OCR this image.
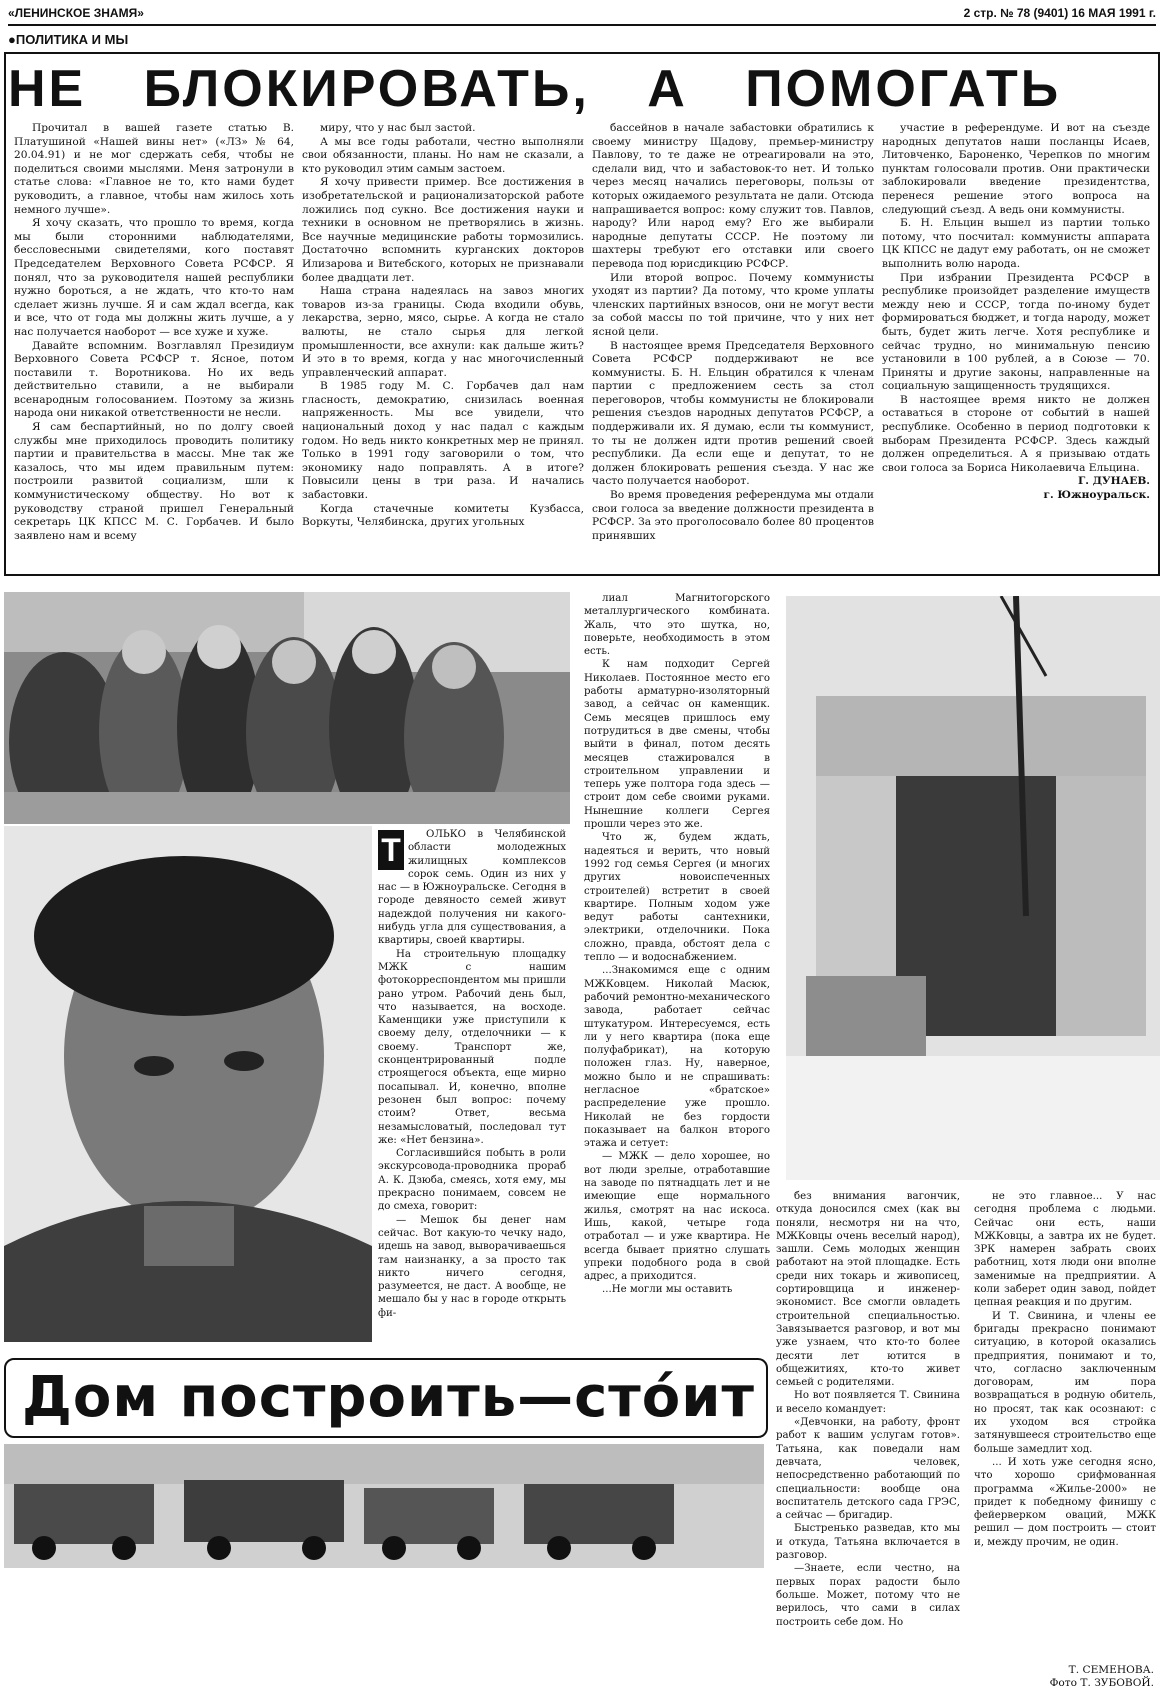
«ЛЕНИНСКОЕ ЗНАМЯ»	2 стр. № 78 (9401) 16 МАЯ 1991 г.
●ПОЛИТИКА И МЫ
НЕ БЛОКИРОВАТЬ, А ПОМОГАТЬ

Прочитал в вашей газете статью В. Платушиной «Нашей вины нет» («ЛЗ» № 64, 20.04.91) и не мог сдержать себя, чтобы не поделиться своими мыслями. Меня затронули в статье слова: «Главное не то, кто нами будет руководить, а главное, чтобы нам жилось хоть немного лучше».

Я хочу сказать, что прошло то время, когда мы были сторонними наблюдателями, бессловесными свидетелями, кого поставят Председателем Верховного Совета РСФСР. Я понял, что за руководителя нашей республики нужно бороться, а не ждать, что кто-то нам сделает жизнь лучше. Я и сам ждал всегда, как и все, что от года мы должны жить лучше, а у нас получается наоборот — все хуже и хуже.

Давайте вспомним. Возглавлял Президиум Верховного Совета РСФСР т. Ясное, потом поставили т. Воротникова. Но их ведь действительно ставили, а не выбирали всенародным голосованием. Поэтому за жизнь народа они никакой ответственности не несли.

Я сам беспартийный, но по долгу своей службы мне приходилось проводить политику партии и правительства в массы. Мне так же казалось, что мы идем правильным путем: построили развитой социализм, шли к коммунистическому обществу. Но вот к руководству страной пришел Генеральный секретарь ЦК КПСС М. С. Горбачев. И было заявлено нам и всему

миру, что у нас был застой.

А мы все годы работали, честно выполняли свои обязанности, планы. Но нам не сказали, а кто руководил этим самым застоем.

Я хочу привести пример. Все достижения в изобретательской и рационализаторской работе ложились под сукно. Все достижения науки и техники в основном не претворялись в жизнь. Все научные медицинские работы тормозились. Достаточно вспомнить курганских докторов Илизарова и Витебского, которых не признавали более двадцати лет.

Наша страна надеялась на завоз многих товаров из-за границы. Сюда входили обувь, лекарства, зерно, мясо, сырье. А когда не стало валюты, не стало сырья для легкой промышленности, все ахнули: как дальше жить? И это в то время, когда у нас многочисленный управленческий аппарат.

В 1985 году М. С. Горбачев дал нам гласность, демократию, снизилась военная напряженность. Мы все увидели, что национальный доход у нас падал с каждым годом. Но ведь никто конкретных мер не принял. Только в 1991 году заговорили о том, что экономику надо поправлять. А в итоге? Повысили цены в три раза. И начались забастовки.

Когда стачечные комитеты Кузбасса, Воркуты, Челябинска, других угольных

бассейнов в начале забастовки обратились к своему министру Щадову, премьер-министру Павлову, то те даже не отреагировали на это, сделали вид, что и забастовок-то нет. И только через месяц начались переговоры, пользы от которых ожидаемого результата не дали. Отсюда напрашивается вопрос: кому служит тов. Павлов, народу? Или народ ему? Его же выбирали народные депутаты СССР. Не поэтому ли шахтеры требуют его отставки или своего перевода под юрисдикцию РСФСР.

Или второй вопрос. Почему коммунисты уходят из партии? Да потому, что кроме уплаты членских партийных взносов, они не могут вести за собой массы по той причине, что у них нет ясной цели.

В настоящее время Председателя Верховного Совета РСФСР поддерживают не все коммунисты. Б. Н. Ельцин обратился к членам партии с предложением сесть за стол переговоров, чтобы коммунисты не блокировали решения съездов народных депутатов РСФСР, а поддерживали их. Я думаю, если ты коммунист, то ты не должен идти против решений своей республики. Да если еще и депутат, то не должен блокировать решения съезда. У нас же часто получается наоборот.

Во время проведения референдума мы отдали свои голоса за введение должности президента в РСФСР. За это проголосовало более 80 процентов принявших

участие в референдуме. И вот на съезде народных депутатов наши посланцы Исаев, Литовченко, Бароненко, Черепков по многим пунктам голосовали против. Они практически заблокировали введение президентства, перенеся решение этого вопроса на следующий съезд. А ведь они коммунисты.

Б. Н. Ельцин вышел из партии только потому, что посчитал: коммунисты аппарата ЦК КПСС не дадут ему работать, он не сможет выполнить волю народа.

При избрании Президента РСФСР в республике произойдет разделение имуществ между нею и СССР, тогда по-иному будет формироваться бюджет, и тогда народу, может быть, будет жить легче. Хотя республике и сейчас трудно, но минимальную пенсию установили в 100 рублей, а в Союзе — 70. Приняты и другие законы, направленные на социальную защищенность трудящихся.

В настоящее время никто не должен оставаться в стороне от событий в нашей республике. Особенно в период подготовки к выборам Президента РСФСР. Здесь каждый должен определиться. А я призываю отдать свои голоса за Бориса Николаевича Ельцина.

Г. ДУНАЕВ.

г. Южноуральск.

Т	ОЛЬКО в Челябинской области молодежных жилищных комплексов сорок семь. Один из них у нас — в Южноуральске. Сегодня в городе девяносто семей живут надеждой получения ни какого-нибудь угла для существования, а квартиры, своей квартиры.

На строительную площадку МЖК с нашим фотокорреспондентом мы пришли рано утром. Рабочий день был, что называется, на восходе. Каменщики уже приступили к своему делу, отделочники — к своему. Транспорт же, сконцентрированный подле строящегося объекта, еще мирно посапывал. И, конечно, вполне резонен был вопрос: почему стоим? Ответ, весьма незамысловатый, последовал тут же: «Нет бензина».

Согласившийся побыть в роли экскурсовода-проводника прораб А. К. Дзюба, смеясь, хотя ему, мы прекрасно понимаем, совсем не до смеха, говорит:

— Мешок бы денег нам сейчас. Вот какую-то чечку надо, идешь на завод, выворачиваешься там наизнанку, а за просто так никто ничего сегодня, разумеется, не даст. А вообще, не мешало бы у нас в городе открыть фи-

лиал Магнитогорского металлургического комбината. Жаль, что это шутка, но, поверьте, необходимость в этом есть.

К нам подходит Сергей Николаев. Постоянное место его работы арматурно-изоляторный завод, а сейчас он каменщик. Семь месяцев пришлось ему потрудиться в две смены, чтобы выйти в финал, потом десять месяцев стажировался в строительном управлении и теперь уже полтора года здесь — строит дом себе своими руками. Нынешние коллеги Сергея прошли через это же.

Что ж, будем ждать, надеяться и верить, что новый 1992 год семья Сергея (и многих других новоиспеченных строителей) встретит в своей квартире. Полным ходом уже ведут работы сантехники, электрики, отделочники. Пока сложно, правда, обстоят дела с тепло — и водоснабжением.

...Знакомимся еще с одним МЖКовцем. Николай Масюк, рабочий ремонтно-механического завода, работает сейчас штукатуром. Интересуемся, есть ли у него квартира (пока еще полуфабрикат), на которую положен глаз. Ну, наверное, можно было и не спрашивать: негласное «братское» распределение уже прошло. Николай не без гордости показывает на балкон второго этажа и сетует:

— МЖК — дело хорошее, но вот люди зрелые, отработавшие на заводе по пятнадцать лет и не имеющие еще нормального жилья, смотрят на нас искоса. Ишь, какой, четыре года отработал — и уже квартира. Не всегда бывает приятно слушать упреки подобного рода в свой адрес, а приходится.

...Не могли мы оставить

без внимания вагончик, откуда доносился смех (как вы поняли, несмотря ни на что, МЖКовцы очень веселый народ), зашли. Семь молодых женщин работают на этой площадке. Есть среди них токарь и живописец, сортировщица и инженер-экономист. Все смогли овладеть строительной специальностью. Завязывается разговор, и вот мы уже узнаем, что кто-то более десяти лет ютится в общежитиях, кто-то живет семьей с родителями.

Но вот появляется Т. Свинина и весело командует:

«Девчонки, на работу, фронт работ к вашим услугам готов». Татьяна, как поведали нам девчата, человек, непосредственно работающий по специальности: вообще она воспитатель детского сада ГРЭС, а сейчас — бригадир.

Быстренько разведав, кто мы и откуда, Татьяна включается в разговор.

—Знаете, если честно, на первых порах радости было больше. Может, потому что не верилось, что сами в силах построить себе дом. Но

не это главное... У нас сегодня проблема с людьми. Сейчас они есть, наши МЖКовцы, а завтра их не будет. ЗРК намерен забрать своих работниц, хотя люди они вполне заменимые на предприятии. А коли заберет один завод, пойдет цепная реакция и по другим.

И Т. Свинина, и члены ее бригады прекрасно понимают ситуацию, в которой оказались предприятия, понимают и то, что, согласно заключенным договорам, им пора возвращаться в родную обитель, но просят, так как осознают: с их уходом вся стройка затянувшееся строительство еще больше замедлит ход.

... И хоть уже сегодня ясно, что хорошо срифмованная программа «Жилье-2000» не придет к победному финишу с фейерверком оваций, МЖК решил — дом построить — стоит и, между прочим, не один.

Дом построить—стóит
Т. СЕМЕНОВА.
Фото Т. ЗУБОВОЙ.
